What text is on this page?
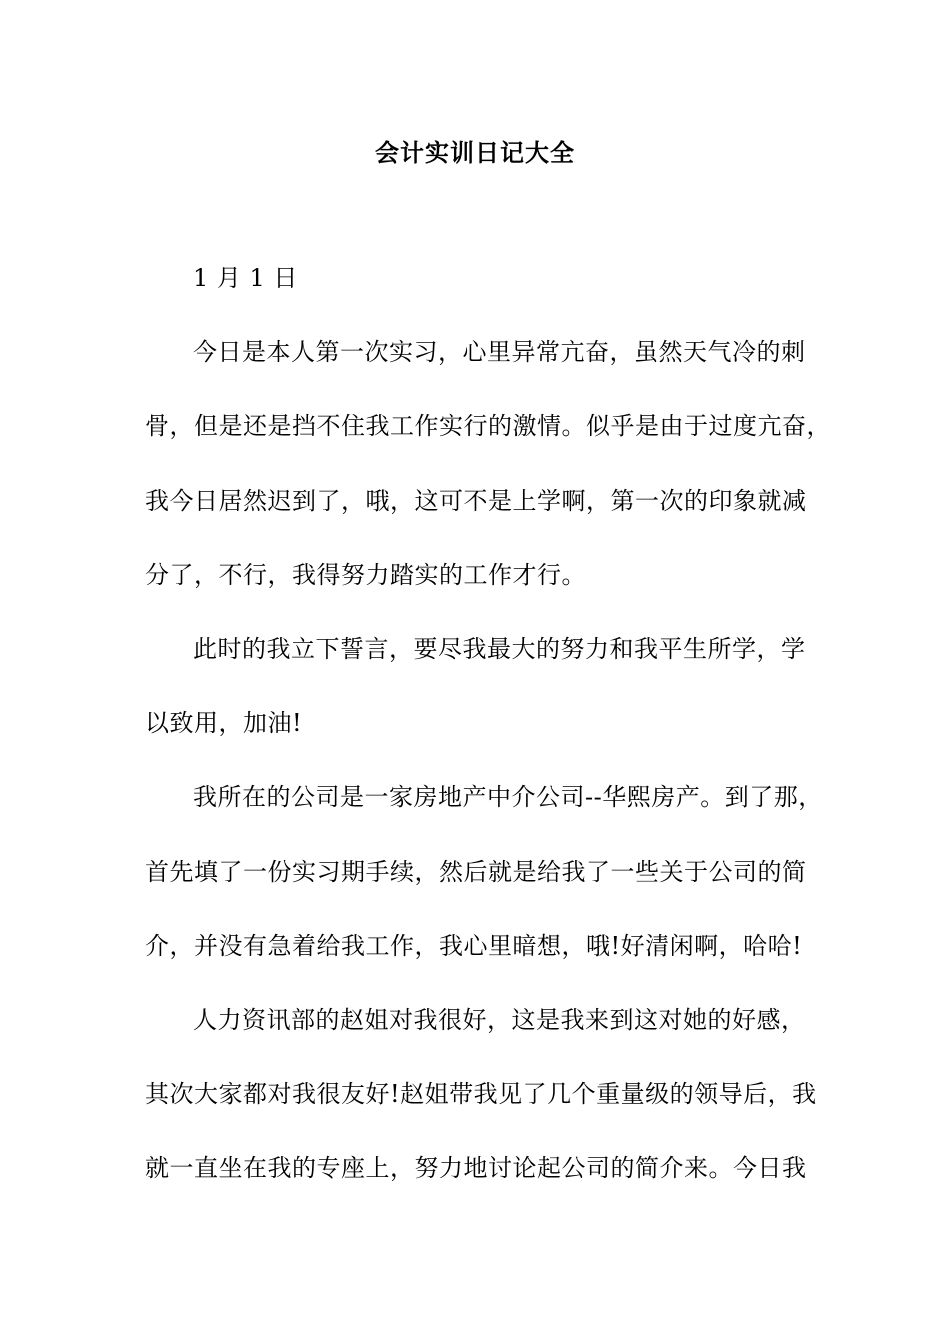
会计实训日记大全
1 月 1 日
今日是本人第一次实习，心里异常亢奋，虽然天气冷的刺
骨，但是还是挡不住我工作实行的激情。似乎是由于过度亢奋，
我今日居然迟到了，哦，这可不是上学啊，第一次的印象就减
分了，不行，我得努力踏实的工作才行。
此时的我立下誓言，要尽我最大的努力和我平生所学，学
以致用，加油!
我所在的公司是一家房地产中介公司--华熙房产。到了那，
首先填了一份实习期手续，然后就是给我了一些关于公司的简
介，并没有急着给我工作，我心里暗想，哦!好清闲啊，哈哈!
人力资讯部的赵姐对我很好，这是我来到这对她的好感，
其次大家都对我很友好!赵姐带我见了几个重量级的领导后，我
就一直坐在我的专座上，努力地讨论起公司的简介来。今日我
